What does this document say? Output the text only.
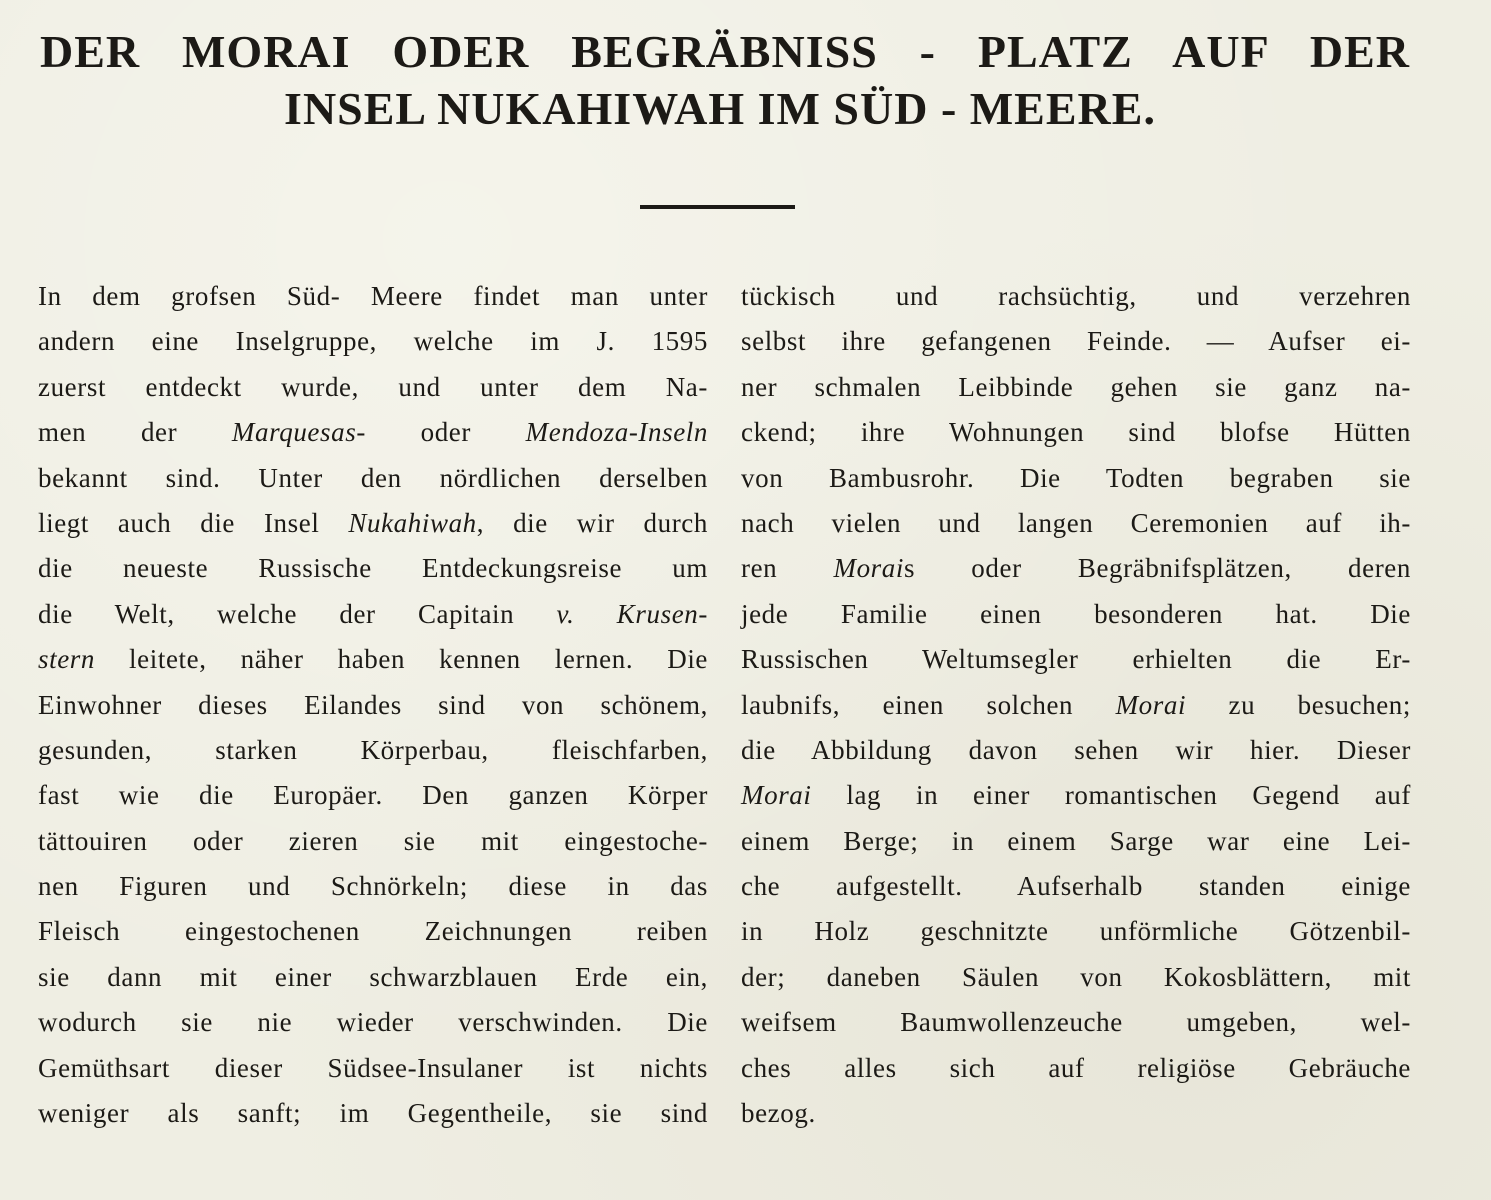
DER MORAI ODER BEGRÄBNISS - PLATZ AUF DER
INSEL NUKAHIWAH IM SÜD - MEERE.
In dem grofsen Süd- Meere findet man unter
andern eine Inselgruppe, welche im J. 1595
zuerst entdeckt wurde, und unter dem Na-
men der Marquesas- oder Mendoza-Inseln
bekannt sind. Unter den nördlichen derselben
liegt auch die Insel Nukahiwah, die wir durch
die neueste Russische Entdeckungsreise um
die Welt, welche der Capitain v. Krusen-
stern leitete, näher haben kennen lernen. Die
Einwohner dieses Eilandes sind von schönem,
gesunden, starken Körperbau, fleischfarben,
fast wie die Europäer. Den ganzen Körper
tättouiren oder zieren sie mit eingestoche-
nen Figuren und Schnörkeln; diese in das
Fleisch eingestochenen Zeichnungen reiben
sie dann mit einer schwarzblauen Erde ein,
wodurch sie nie wieder verschwinden. Die
Gemüthsart dieser Südsee-Insulaner ist nichts
weniger als sanft; im Gegentheile, sie sind
tückisch und rachsüchtig, und verzehren
selbst ihre gefangenen Feinde. — Aufser ei-
ner schmalen Leibbinde gehen sie ganz na-
ckend; ihre Wohnungen sind blofse Hütten
von Bambusrohr. Die Todten begraben sie
nach vielen und langen Ceremonien auf ih-
ren Morais oder Begräbnifsplätzen, deren
jede Familie einen besonderen hat. Die
Russischen Weltumsegler erhielten die Er-
laubnifs, einen solchen Morai zu besuchen;
die Abbildung davon sehen wir hier. Dieser
Morai lag in einer romantischen Gegend auf
einem Berge; in einem Sarge war eine Lei-
che aufgestellt. Aufserhalb standen einige
in Holz geschnitzte unförmliche Götzenbil-
der; daneben Säulen von Kokosblättern, mit
weifsem Baumwollenzeuche umgeben, wel-
ches alles sich auf religiöse Gebräuche
bezog.
